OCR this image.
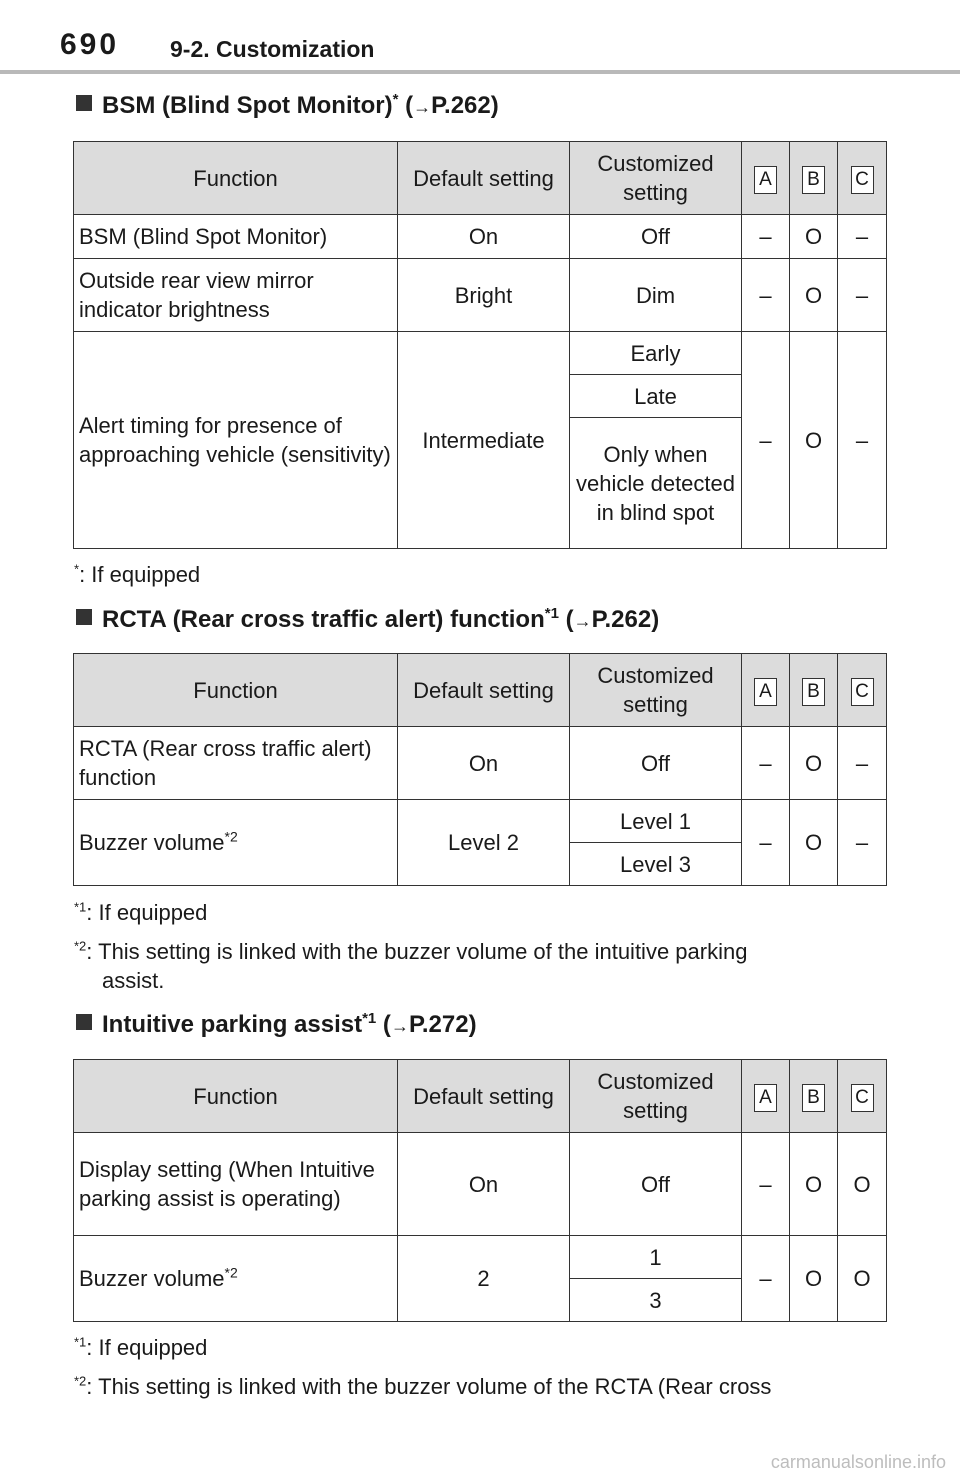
690 9-2. Customization
BSM (Blind Spot Monitor)* (→P.262)
Function	Default setting	Customized setting	A	B	C
BSM (Blind Spot Monitor)	On	Off	–	O	–
Outside rear view mirror indicator brightness	Bright	Dim	–	O	–
Alert timing for presence of approaching vehicle (sensitivity)	Intermediate	Early	–	O	–
		Late			
		Only when vehicle detected in blind spot			
*: If equipped
RCTA (Rear cross traffic alert) function$^{*1}$ (→P.262)
Function	Default setting	Customized setting	A	B	C
RCTA (Rear cross traffic alert) function	On	Off	–	O	–
Buzzer volume$^{*2}$	Level 2	Level 1	–	O	–
		Level 3			
$^{*1}$: If equipped
$^{*2}$: This setting is linked with the buzzer volume of the intuitive parking
assist.
Intuitive parking assist$^{*1}$ (→P.272)
Function	Default setting	Customized setting	A	B	C
Display setting (When Intuitive parking assist is operating)	On	Off	–	O	O
Buzzer volume$^{*2}$	2	1	–	O	O
		3			
$^{*1}$: If equipped
$^{*2}$: This setting is linked with the buzzer volume of the RCTA (Rear cross
carmanualsonline.info
